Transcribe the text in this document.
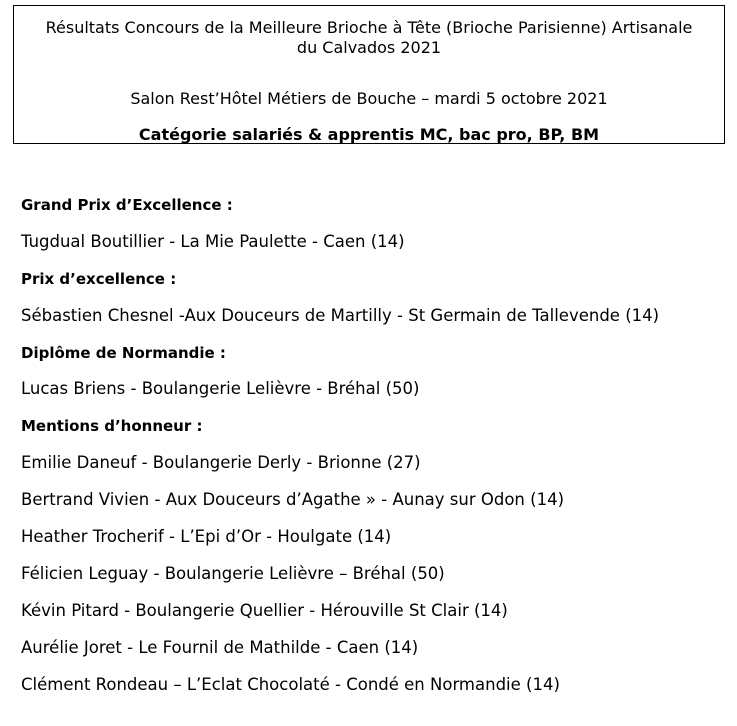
Résultats Concours de la Meilleure Brioche à Tête (Brioche Parisienne) Artisanale
du Calvados 2021
Salon Rest’Hôtel Métiers de Bouche – mardi 5 octobre 2021
Catégorie salariés & apprentis MC, bac pro, BP, BM
Grand Prix d’Excellence :
Tugdual Boutillier - La Mie Paulette - Caen (14)
Prix d’excellence :
Sébastien Chesnel -Aux Douceurs de Martilly - St Germain de Tallevende (14)
Diplôme de Normandie :
Lucas Briens - Boulangerie Lelièvre - Bréhal (50)
Mentions d’honneur :
Emilie Daneuf - Boulangerie Derly - Brionne (27)
Bertrand Vivien - Aux Douceurs d’Agathe » - Aunay sur Odon (14)
Heather Trocherif - L’Epi d’Or - Houlgate (14)
Félicien Leguay - Boulangerie Lelièvre – Bréhal (50)
Kévin Pitard - Boulangerie Quellier - Hérouville St Clair (14)
Aurélie Joret - Le Fournil de Mathilde - Caen (14)
Clément Rondeau – L’Eclat Chocolaté - Condé en Normandie (14)
